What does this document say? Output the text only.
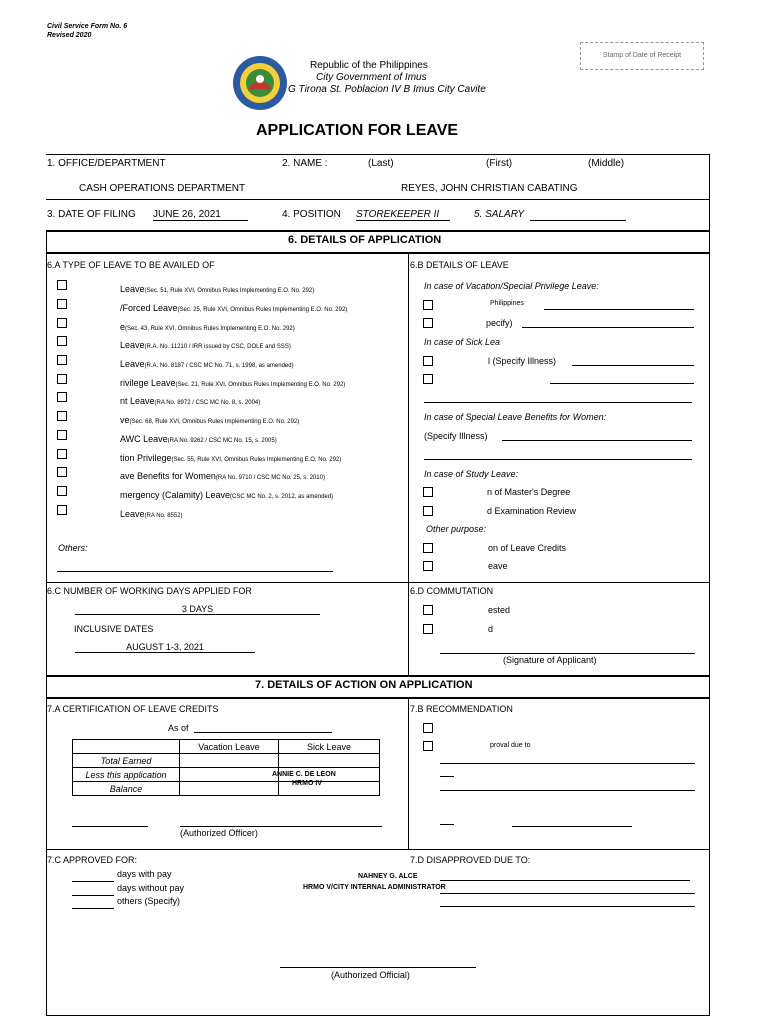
Civil Service Form No. 6
Revised 2020
Stamp of Date of Receipt
Republic of the Philippines
City Government of Imus
G Tirona St. Poblacion IV B Imus City Cavite
APPLICATION FOR LEAVE
1. OFFICE/DEPARTMENT	2. NAME :	(Last)	(First)	(Middle)
CASH OPERATIONS DEPARTMENT	REYES, JOHN CHRISTIAN CABATING
3. DATE OF FILING JUNE 26, 2021	4. POSITION STOREKEEPER II	5. SALARY
6. DETAILS OF APPLICATION
6.A TYPE OF LEAVE TO BE AVAILED OF	6.B DETAILS OF LEAVE
Leave(Sec. 51, Rule XVI, Omnibus Rules Implementing E.O. No. 292)
/Forced Leave(Sec. 25, Rule XVI, Omnibus Rules Implementing E.O. No. 292)
e(Sec. 43, Rule XVI, Omnibus Rules Implementing E.O. No. 292)
Leave(R.A. No. 11210 / IRR issued by CSC, DOLE and SSS)
Leave(R.A. No. 8187 / CSC MC No. 71, s. 1998, as amended)
rivilege Leave(Sec. 21, Rule XVI, Omnibus Rules Implementing E.O. No. 292)
nt Leave(RA No. 8972 / CSC MC No. 8, s. 2004)
ve(Sec. 68, Rule XVI, Omnibus Rules Implementing E.O. No. 292)
AWC Leave(RA No. 9262 / CSC MC No. 15, s. 2005)
tion Privilege(Sec. 55, Rule XVI, Omnibus Rules Implementing E.O. No. 292)
ave Benefits for Women(RA No. 9710 / CSC MC No. 25, s. 2010)
mergency (Calamity) Leave(CSC MC No. 2, s. 2012, as amended)
Leave(RA No. 8552)
Others:
In case of Vacation/Special Privilege Leave:
Philippines
pecify)
In case of Sick Lea
l (Specify Illness)
In case of Special Leave Benefits for Women:
(Specify Illness)
In case of Study Leave:
n of Master's Degree
d Examination Review
Other purpose:
on of Leave Credits
eave
6.C NUMBER OF WORKING DAYS APPLIED FOR
3 DAYS
INCLUSIVE DATES
AUGUST 1-3, 2021
6.D COMMUTATION
ested
d
(Signature of Applicant)
7. DETAILS OF ACTION ON APPLICATION
7.A CERTIFICATION OF LEAVE CREDITS
As of
	Vacation Leave	Sick Leave
Total Earned		
Less this application		
Balance		
ANNIE C. DE LEON
HRMO IV
(Authorized Officer)
7.B RECOMMENDATION
proval due to
7.C APPROVED FOR:
days with pay
days without pay
others (Specify)
7.D DISAPPROVED DUE TO:
NAHNEY G. ALCE
HRMO V/CITY INTERNAL ADMINISTRATOR
(Authorized Official)
